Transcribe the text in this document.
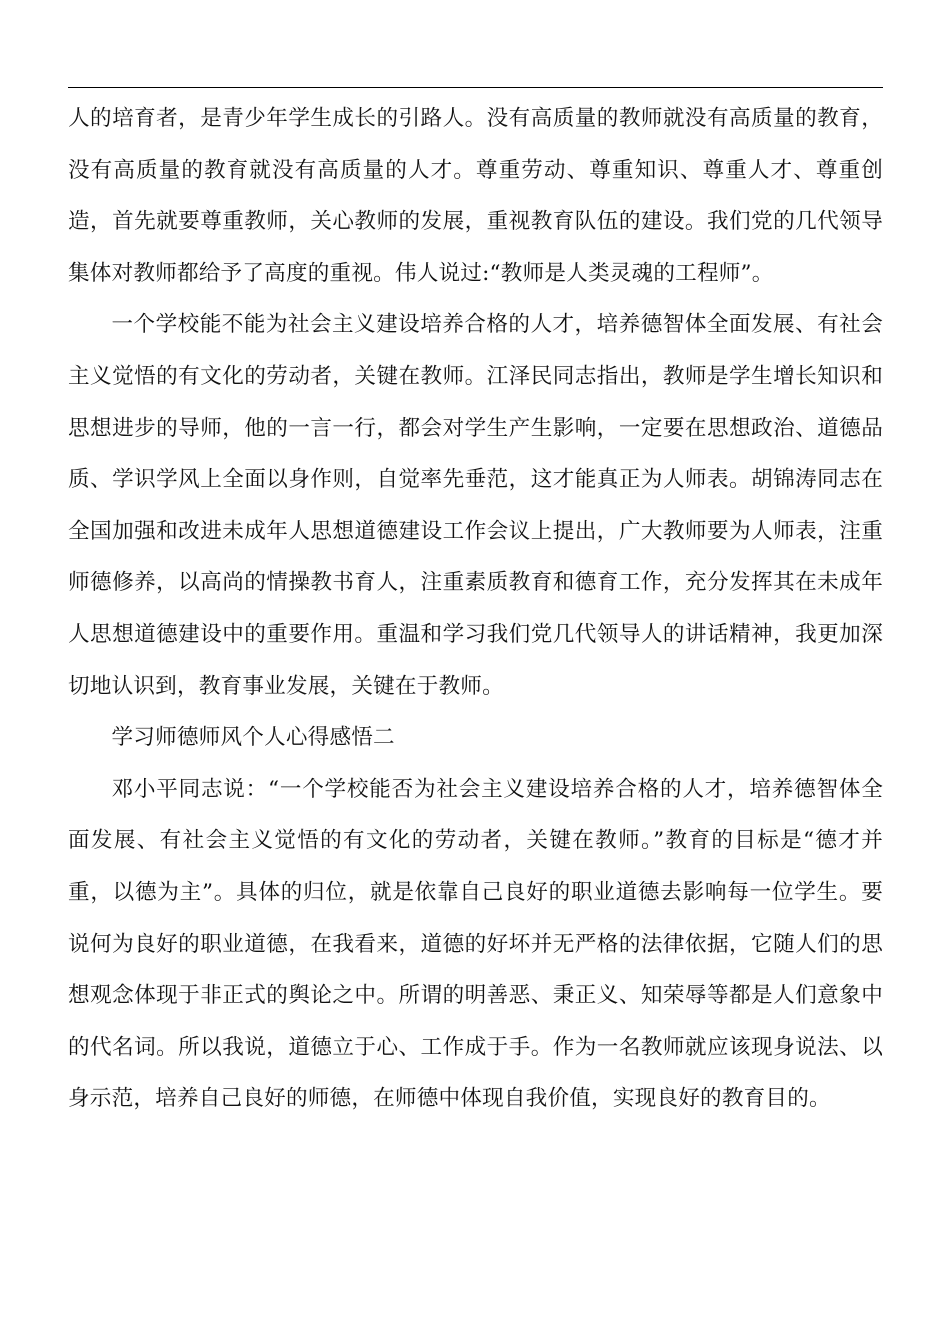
人的培育者，是青少年学生成长的引路人。没有高质量的教师就没有高质量的教育，没有高质量的教育就没有高质量的人才。尊重劳动、尊重知识、尊重人才、尊重创造，首先就要尊重教师，关心教师的发展，重视教育队伍的建设。我们党的几代领导集体对教师都给予了高度的重视。伟人说过:“教师是人类灵魂的工程师”。

一个学校能不能为社会主义建设培养合格的人才，培养德智体全面发展、有社会主义觉悟的有文化的劳动者，关键在教师。江泽民同志指出，教师是学生增长知识和思想进步的导师，他的一言一行，都会对学生产生影响，一定要在思想政治、道德品质、学识学风上全面以身作则，自觉率先垂范，这才能真正为人师表。胡锦涛同志在全国加强和改进未成年人思想道德建设工作会议上提出，广大教师要为人师表，注重师德修养，以高尚的情操教书育人，注重素质教育和德育工作，充分发挥其在未成年人思想道德建设中的重要作用。重温和学习我们党几代领导人的讲话精神，我更加深切地认识到，教育事业发展，关键在于教师。

学习师德师风个人心得感悟二

邓小平同志说：“一个学校能否为社会主义建设培养合格的人才，培养德智体全面发展、有社会主义觉悟的有文化的劳动者，关键在教师。”教育的目标是“德才并重，以德为主”。具体的归位，就是依靠自己良好的职业道德去影响每一位学生。要说何为良好的职业道德，在我看来，道德的好坏并无严格的法律依据，它随人们的思想观念体现于非正式的舆论之中。所谓的明善恶、秉正义、知荣辱等都是人们意象中的代名词。所以我说，道德立于心、工作成于手。作为一名教师就应该现身说法、以身示范，培养自己良好的师德，在师德中体现自我价值，实现良好的教育目的。
